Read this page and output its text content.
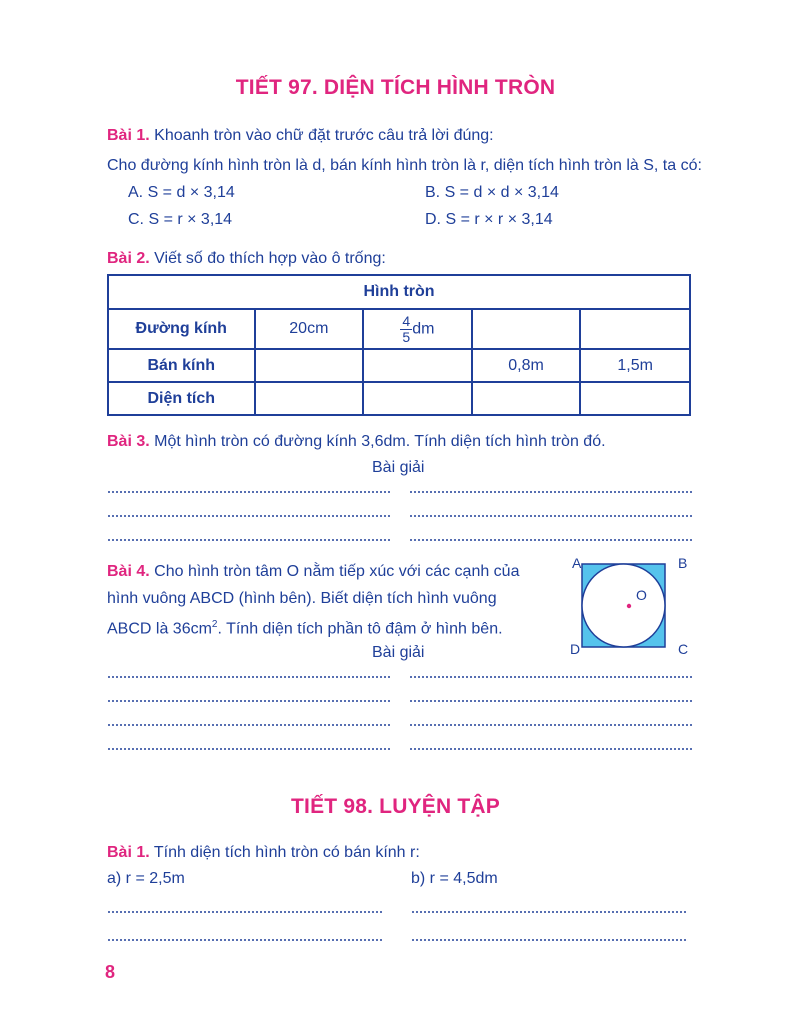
TIẾT 97. DIỆN TÍCH HÌNH TRÒN
Bài 1. Khoanh tròn vào chữ đặt trước câu trả lời đúng:
Cho đường kính hình tròn là d, bán kính hình tròn là r, diện tích hình tròn là S, ta có:
A. S = d × 3,14	B. S = d × d × 3,14
C. S = r × 3,14	D. S = r × r × 3,14
Bài 2. Viết số đo thích hợp vào ô trống:
Hình tròn				
Đường kính	20cm	$\frac{4}{5}$ dm		
Bán kính			0,8m	1,5m
Diện tích				
Bài 3. Một hình tròn có đường kính 3,6dm. Tính diện tích hình tròn đó.
Bài giải
Bài 4. Cho hình tròn tâm O nằm tiếp xúc với các cạnh của
hình vuông ABCD (hình bên). Biết diện tích hình vuông
ABCD là $36cm^2$. Tính diện tích phần tô đậm ở hình bên.
A	B
C
D
O
Bài giải
TIẾT 98. LUYỆN TẬP
Bài 1. Tính diện tích hình tròn có bán kính r:
a) r = 2,5m	b) r = 4,5dm
8
